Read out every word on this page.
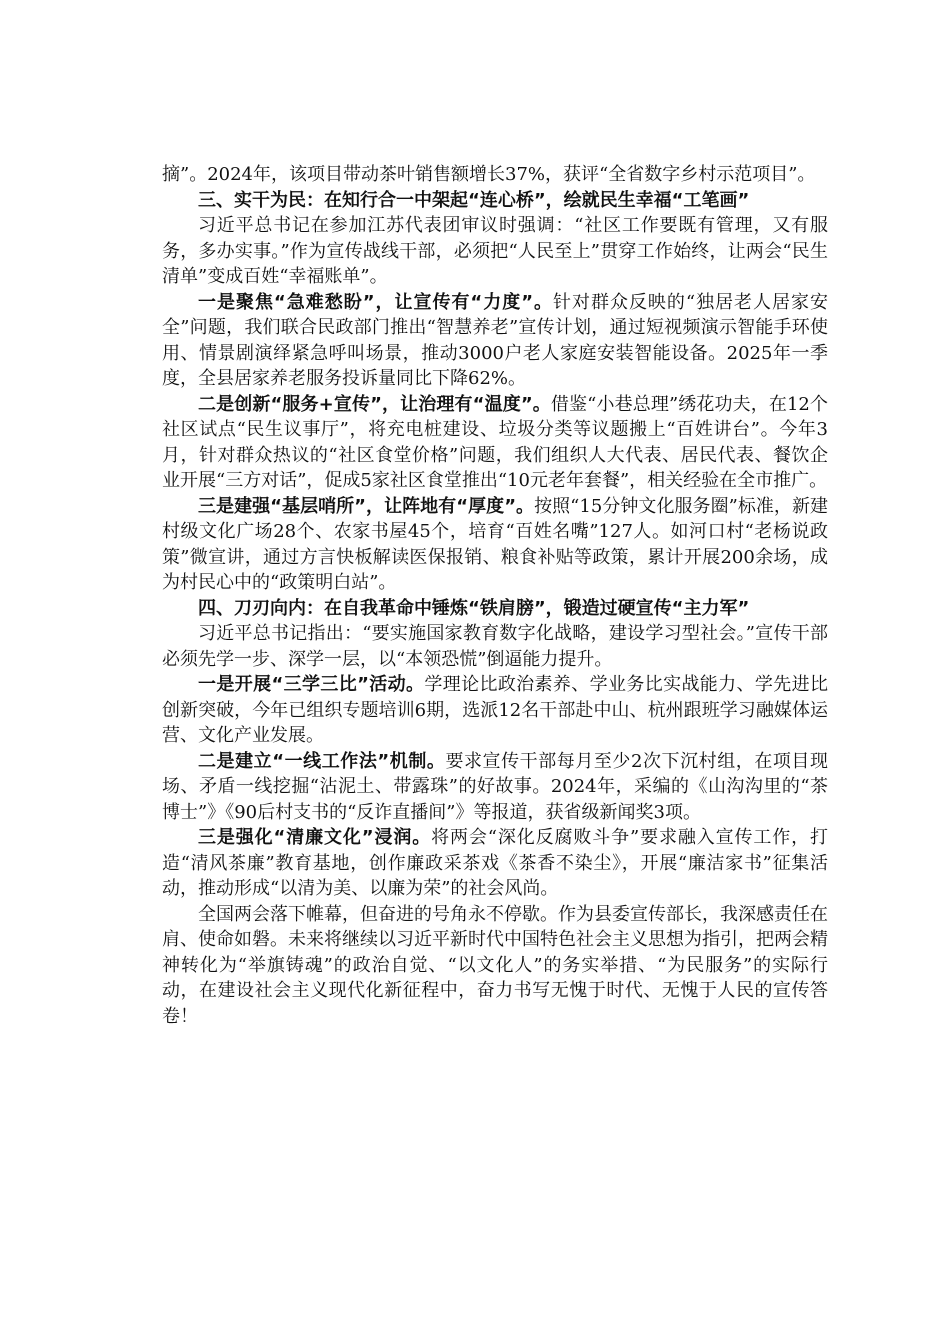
摘”。2024年，该项目带动茶叶销售额增长37%，获评“全省数字乡村示范项目”。

三、实干为民：在知行合一中架起“连心桥”，绘就民生幸福“工笔画”

习近平总书记在参加江苏代表团审议时强调：“社区工作要既有管理，又有服务，多办实事。”作为宣传战线干部，必须把“人民至上”贯穿工作始终，让两会“民生清单”变成百姓“幸福账单”。

一是聚焦“急难愁盼”，让宣传有“力度”。针对群众反映的“独居老人居家安全”问题，我们联合民政部门推出“智慧养老”宣传计划，通过短视频演示智能手环使用、情景剧演绎紧急呼叫场景，推动3000户老人家庭安装智能设备。2025年一季度，全县居家养老服务投诉量同比下降62%。

二是创新“服务+宣传”，让治理有“温度”。借鉴“小巷总理”绣花功夫，在12个社区试点“民生议事厅”，将充电桩建设、垃圾分类等议题搬上“百姓讲台”。今年3月，针对群众热议的“社区食堂价格”问题，我们组织人大代表、居民代表、餐饮企业开展“三方对话”，促成5家社区食堂推出“10元老年套餐”，相关经验在全市推广。

三是建强“基层哨所”，让阵地有“厚度”。按照“15分钟文化服务圈”标准，新建村级文化广场28个、农家书屋45个，培育“百姓名嘴”127人。如河口村“老杨说政策”微宣讲，通过方言快板解读医保报销、粮食补贴等政策，累计开展200余场，成为村民心中的“政策明白站”。

四、刀刃向内：在自我革命中锤炼“铁肩膀”，锻造过硬宣传“主力军”

习近平总书记指出：“要实施国家教育数字化战略，建设学习型社会。”宣传干部必须先学一步、深学一层，以“本领恐慌”倒逼能力提升。

一是开展“三学三比”活动。学理论比政治素养、学业务比实战能力、学先进比创新突破，今年已组织专题培训6期，选派12名干部赴中山、杭州跟班学习融媒体运营、文化产业发展。

二是建立“一线工作法”机制。要求宣传干部每月至少2次下沉村组，在项目现场、矛盾一线挖掘“沾泥土、带露珠”的好故事。2024年，采编的《山沟沟里的“茶博士”》《90后村支书的“反诈直播间”》等报道，获省级新闻奖3项。

三是强化“清廉文化”浸润。将两会“深化反腐败斗争”要求融入宣传工作，打造“清风茶廉”教育基地，创作廉政采茶戏《茶香不染尘》，开展“廉洁家书”征集活动，推动形成“以清为美、以廉为荣”的社会风尚。

全国两会落下帷幕，但奋进的号角永不停歇。作为县委宣传部长，我深感责任在肩、使命如磐。未来将继续以习近平新时代中国特色社会主义思想为指引，把两会精神转化为“举旗铸魂”的政治自觉、“以文化人”的务实举措、“为民服务”的实际行动，在建设社会主义现代化新征程中，奋力书写无愧于时代、无愧于人民的宣传答卷！
